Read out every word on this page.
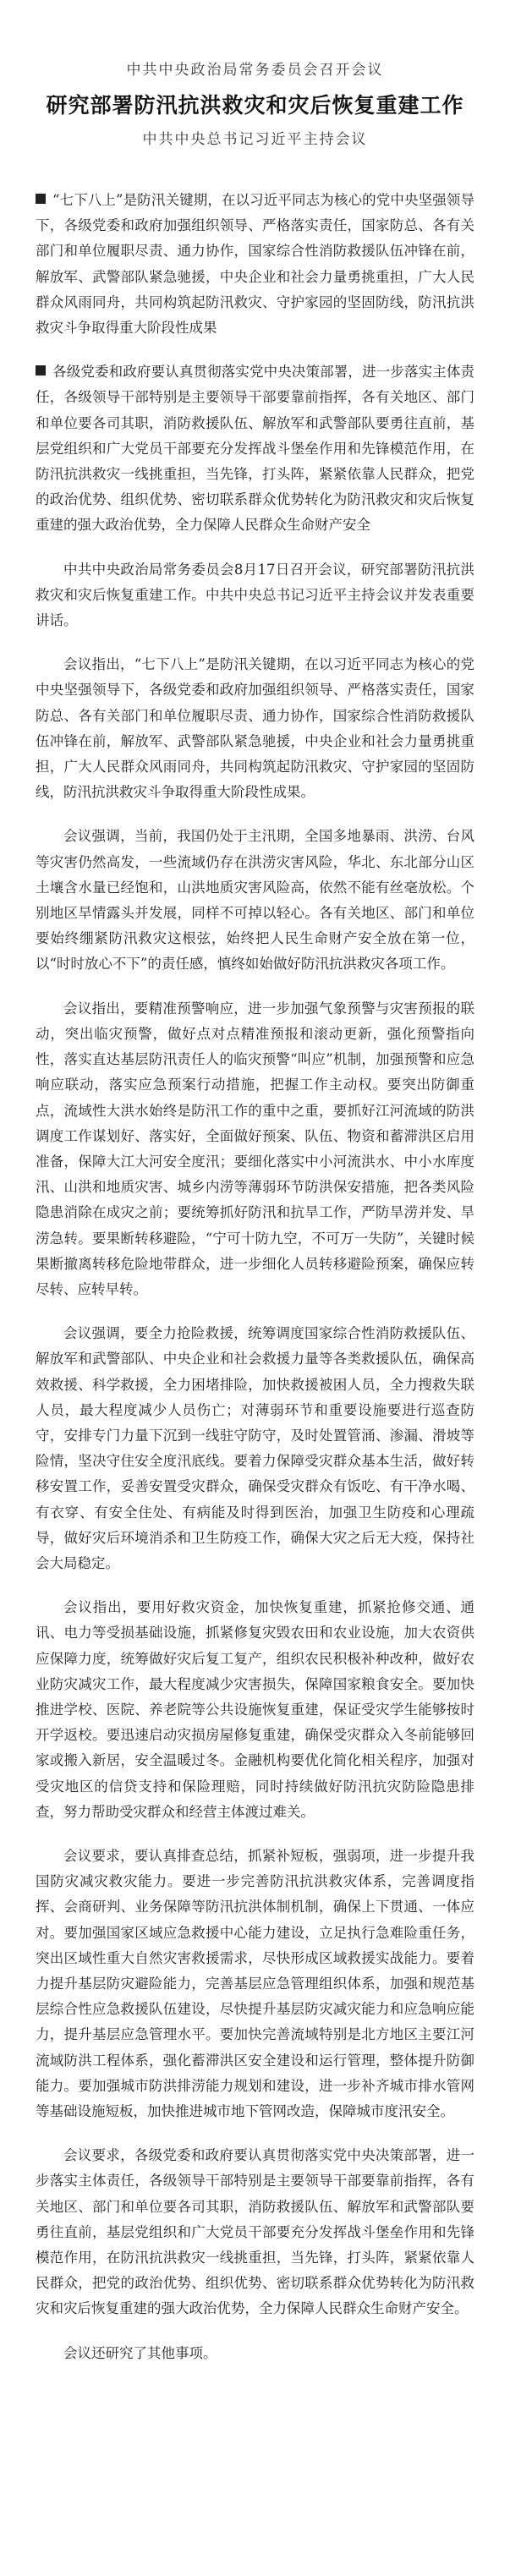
中共中央政治局常务委员会召开会议
研究部署防汛抗洪救灾和灾后恢复重建工作
中共中央总书记习近平主持会议

“七下八上”是防汛关键期，在以习近平同志为核心的党中央坚强领导下，各级党委和政府加强组织领导、严格落实责任，国家防总、各有关部门和单位履职尽责、通力协作，国家综合性消防救援队伍冲锋在前，解放军、武警部队紧急驰援，中央企业和社会力量勇挑重担，广大人民群众风雨同舟，共同构筑起防汛救灾、守护家园的坚固防线，防汛抗洪救灾斗争取得重大阶段性成果

各级党委和政府要认真贯彻落实党中央决策部署，进一步落实主体责任，各级领导干部特别是主要领导干部要靠前指挥，各有关地区、部门和单位要各司其职，消防救援队伍、解放军和武警部队要勇往直前，基层党组织和广大党员干部要充分发挥战斗堡垒作用和先锋模范作用，在防汛抗洪救灾一线挑重担，当先锋，打头阵，紧紧依靠人民群众，把党的政治优势、组织优势、密切联系群众优势转化为防汛救灾和灾后恢复重建的强大政治优势，全力保障人民群众生命财产安全

中共中央政治局常务委员会8月17日召开会议，研究部署防汛抗洪救灾和灾后恢复重建工作。中共中央总书记习近平主持会议并发表重要讲话。

会议指出，“七下八上”是防汛关键期，在以习近平同志为核心的党中央坚强领导下，各级党委和政府加强组织领导、严格落实责任，国家防总、各有关部门和单位履职尽责、通力协作，国家综合性消防救援队伍冲锋在前，解放军、武警部队紧急驰援，中央企业和社会力量勇挑重担，广大人民群众风雨同舟，共同构筑起防汛救灾、守护家园的坚固防线，防汛抗洪救灾斗争取得重大阶段性成果。

会议强调，当前，我国仍处于主汛期，全国多地暴雨、洪涝、台风等灾害仍然高发，一些流域仍存在洪涝灾害风险，华北、东北部分山区土壤含水量已经饱和，山洪地质灾害风险高，依然不能有丝毫放松。个别地区旱情露头并发展，同样不可掉以轻心。各有关地区、部门和单位要始终绷紧防汛救灾这根弦，始终把人民生命财产安全放在第一位，以“时时放心不下”的责任感，慎终如始做好防汛抗洪救灾各项工作。

会议指出，要精准预警响应，进一步加强气象预警与灾害预报的联动，突出临灾预警，做好点对点精准预报和滚动更新，强化预警指向性，落实直达基层防汛责任人的临灾预警“叫应”机制，加强预警和应急响应联动，落实应急预案行动措施，把握工作主动权。要突出防御重点，流域性大洪水始终是防汛工作的重中之重，要抓好江河流域的防洪调度工作谋划好、落实好，全面做好预案、队伍、物资和蓄滞洪区启用准备，保障大江大河安全度汛；要细化落实中小河流洪水、中小水库度汛、山洪和地质灾害、城乡内涝等薄弱环节防洪保安措施，把各类风险隐患消除在成灾之前；要统筹抓好防汛和抗旱工作，严防旱涝并发、旱涝急转。要果断转移避险，“宁可十防九空，不可万一失防”，关键时候果断撤离转移危险地带群众，进一步细化人员转移避险预案，确保应转尽转、应转早转。

会议强调，要全力抢险救援，统筹调度国家综合性消防救援队伍、解放军和武警部队、中央企业和社会救援力量等各类救援队伍，确保高效救援、科学救援，全力困堵排险，加快救援被困人员，全力搜救失联人员，最大程度减少人员伤亡；对薄弱环节和重要设施要进行巡查防守，安排专门力量下沉到一线驻守防守，及时处置管涌、渗漏、滑坡等险情，坚决守住安全度汛底线。要着力保障受灾群众基本生活，做好转移安置工作，妥善安置受灾群众，确保受灾群众有饭吃、有干净水喝、有衣穿、有安全住处、有病能及时得到医治，加强卫生防疫和心理疏导，做好灾后环境消杀和卫生防疫工作，确保大灾之后无大疫，保持社会大局稳定。

会议指出，要用好救灾资金，加快恢复重建，抓紧抢修交通、通讯、电力等受损基础设施，抓紧修复灾毁农田和农业设施，加大农资供应保障力度，统筹做好灾后复工复产，组织农民积极补种改种，做好农业防灾减灾工作，最大程度减少灾害损失，保障国家粮食安全。要加快推进学校、医院、养老院等公共设施恢复重建，保证受灾学生能够按时开学返校。要迅速启动灾损房屋修复重建，确保受灾群众入冬前能够回家或搬入新居，安全温暖过冬。金融机构要优化简化相关程序，加强对受灾地区的信贷支持和保险理赔，同时持续做好防汛抗灾防险隐患排查，努力帮助受灾群众和经营主体渡过难关。

会议要求，要认真排查总结，抓紧补短板，强弱项，进一步提升我国防灾减灾救灾能力。要进一步完善防汛抗洪救灾体系，完善调度指挥、会商研判、业务保障等防汛抗洪体制机制，确保上下贯通、一体应对。要加强国家区域应急救援中心能力建设，立足执行急难险重任务，突出区域性重大自然灾害救援需求，尽快形成区域救援实战能力。要着力提升基层防灾避险能力，完善基层应急管理组织体系，加强和规范基层综合性应急救援队伍建设，尽快提升基层防灾减灾能力和应急响应能力，提升基层应急管理水平。要加快完善流域特别是北方地区主要江河流域防洪工程体系，强化蓄滞洪区安全建设和运行管理，整体提升防御能力。要加强城市防洪排涝能力规划和建设，进一步补齐城市排水管网等基础设施短板，加快推进城市地下管网改造，保障城市度汛安全。

会议要求，各级党委和政府要认真贯彻落实党中央决策部署，进一步落实主体责任，各级领导干部特别是主要领导干部要靠前指挥，各有关地区、部门和单位要各司其职，消防救援队伍、解放军和武警部队要勇往直前，基层党组织和广大党员干部要充分发挥战斗堡垒作用和先锋模范作用，在防汛抗洪救灾一线挑重担，当先锋，打头阵，紧紧依靠人民群众，把党的政治优势、组织优势、密切联系群众优势转化为防汛救灾和灾后恢复重建的强大政治优势，全力保障人民群众生命财产安全。

会议还研究了其他事项。
